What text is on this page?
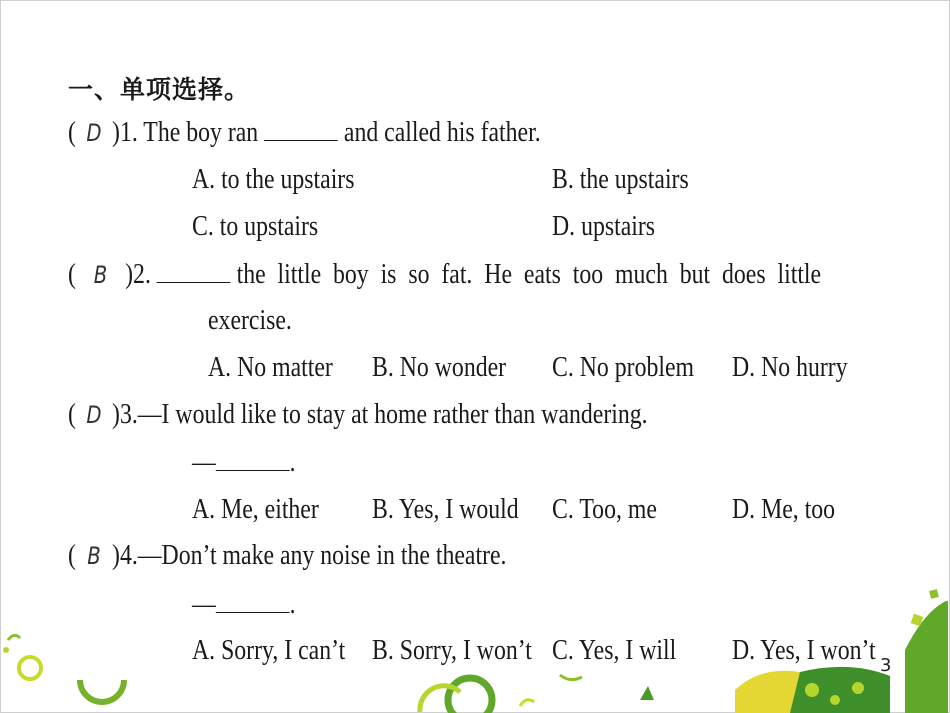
一、单项选择。
( D )1. The boy ran	and called his father.
A. to the upstairs	B. the upstairs
C. to upstairs	D. upstairs
( B )2.	the  little  boy  is  so  fat.  He  eats  too  much  but  does  little
exercise.
A. No matter B. No wonder C. No problem D. No hurry
( D )3.—I would like to stay at home rather than wandering.
—	.
A. Me, either B. Yes, I would C. Too, me	D. Me, too
( B )4.—Don’t make any noise in the theatre.
—	.
A. Sorry, I can’t B. Sorry, I won’t C. Yes, I will D. Yes, I won’t 3
